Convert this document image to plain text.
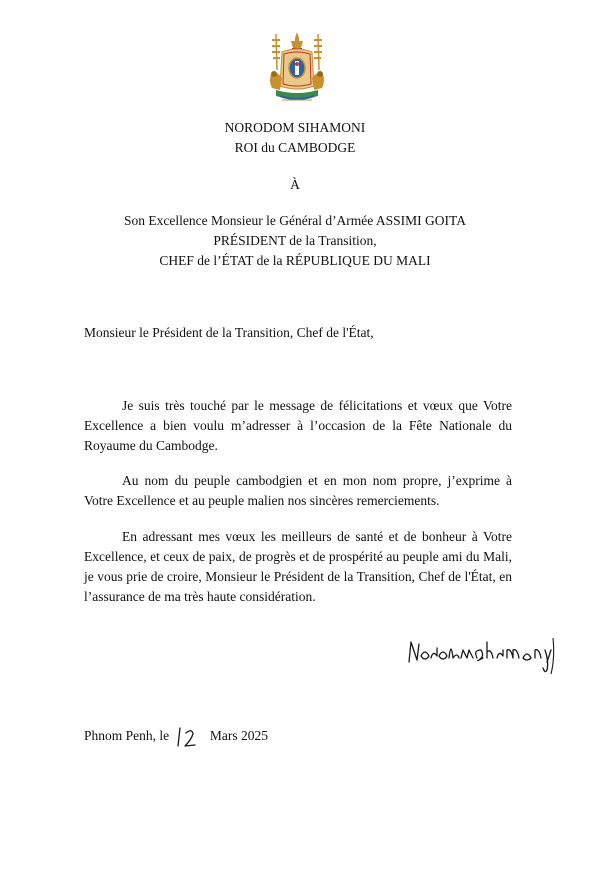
NORODOM SIHAMONI
ROI du CAMBODGE
À
Son Excellence Monsieur le Général d’Armée ASSIMI GOITA
PRÉSIDENT de la Transition,
CHEF de l’ÉTAT de la RÉPUBLIQUE DU MALI
Monsieur le Président de la Transition, Chef de l'État,
Je suis très touché par le message de félicitations et vœux que Votre Excellence a bien voulu m’adresser à l’occasion de la Fête Nationale du Royaume du Cambodge.
Au nom du peuple cambodgien et en mon nom propre, j’exprime à Votre Excellence et au peuple malien nos sincères remerciements.
En adressant mes vœux les meilleurs de santé et de bonheur à Votre Excellence, et ceux de paix, de progrès et de prospérité au peuple ami du Mali, je vous prie de croire, Monsieur le Président de la Transition, Chef de l'État, en l’assurance de ma très haute considération.
Phnom Penh, le	Mars 2025
